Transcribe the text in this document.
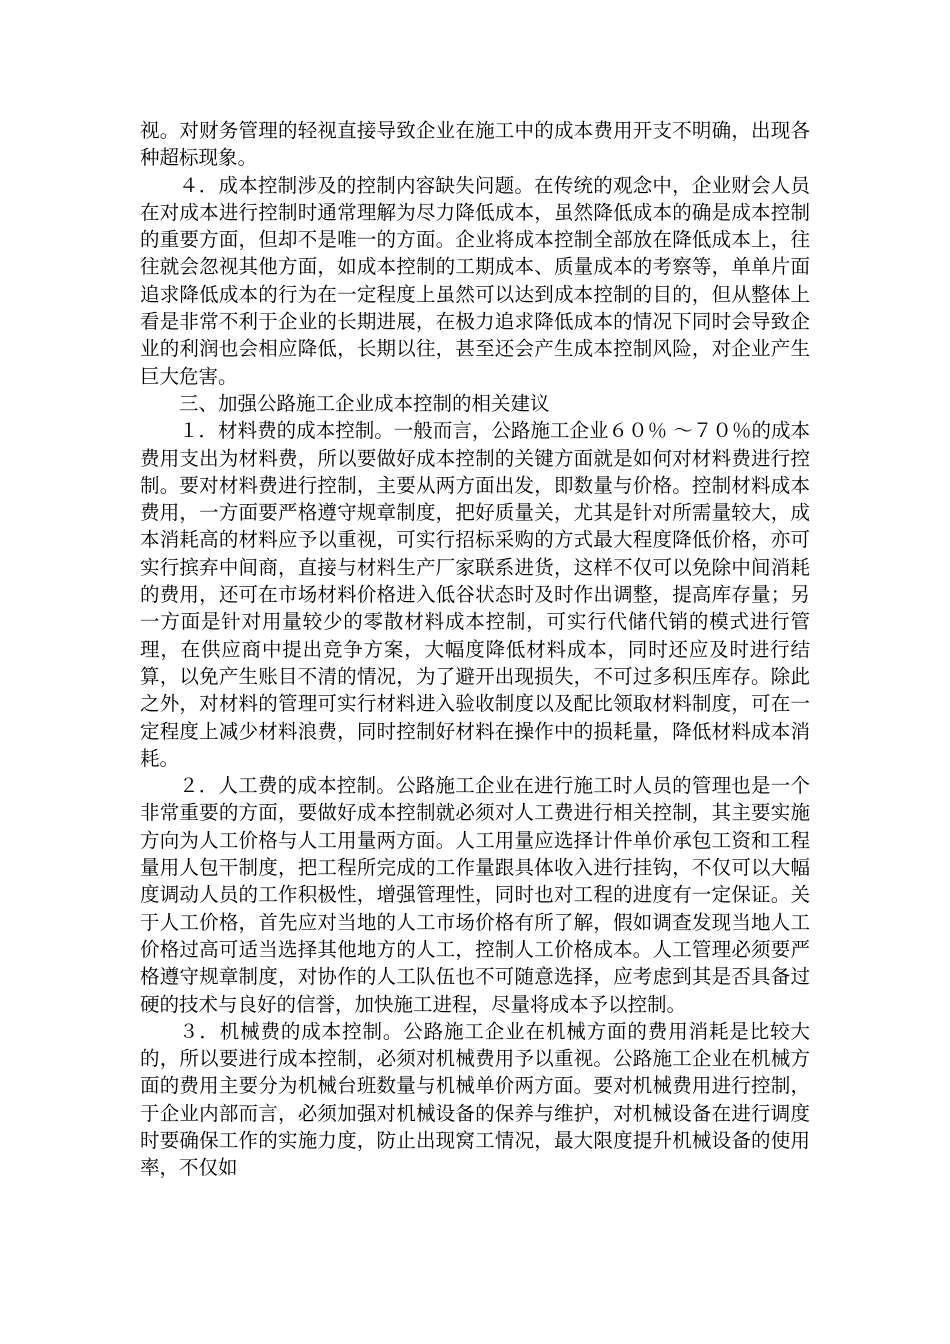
视。对财务管理的轻视直接导致企业在施工中的成本费用开支不明确，出现各种超标现象。

４．成本控制涉及的控制内容缺失问题。在传统的观念中，企业财会人员在对成本进行控制时通常理解为尽力降低成本，虽然降低成本的确是成本控制的重要方面，但却不是唯一的方面。企业将成本控制全部放在降低成本上，往往就会忽视其他方面，如成本控制的工期成本、质量成本的考察等，单单片面追求降低成本的行为在一定程度上虽然可以达到成本控制的目的，但从整体上看是非常不利于企业的长期进展，在极力追求降低成本的情况下同时会导致企业的利润也会相应降低，长期以往，甚至还会产生成本控制风险，对企业产生巨大危害。

三、加强公路施工企业成本控制的相关建议

１．材料费的成本控制。一般而言，公路施工企业６０％ ～７０％的成本费用支出为材料费，所以要做好成本控制的关键方面就是如何对材料费进行控制。要对材料费进行控制，主要从两方面出发，即数量与价格。控制材料成本费用，一方面要严格遵守规章制度，把好质量关，尤其是针对所需量较大，成本消耗高的材料应予以重视，可实行招标采购的方式最大程度降低价格，亦可实行摈弃中间商，直接与材料生产厂家联系进货，这样不仅可以免除中间消耗的费用，还可在市场材料价格进入低谷状态时及时作出调整，提高库存量；另一方面是针对用量较少的零散材料成本控制，可实行代储代销的模式进行管理，在供应商中提出竞争方案，大幅度降低材料成本，同时还应及时进行结算，以免产生账目不清的情况，为了避开出现损失，不可过多积压库存。除此之外，对材料的管理可实行材料进入验收制度以及配比领取材料制度，可在一定程度上减少材料浪费，同时控制好材料在操作中的损耗量，降低材料成本消耗。

２．人工费的成本控制。公路施工企业在进行施工时人员的管理也是一个非常重要的方面，要做好成本控制就必须对人工费进行相关控制，其主要实施方向为人工价格与人工用量两方面。人工用量应选择计件单价承包工资和工程量用人包干制度，把工程所完成的工作量跟具体收入进行挂钩，不仅可以大幅度调动人员的工作积极性，增强管理性，同时也对工程的进度有一定保证。关于人工价格，首先应对当地的人工市场价格有所了解，假如调查发现当地人工价格过高可适当选择其他地方的人工，控制人工价格成本。人工管理必须要严格遵守规章制度，对协作的人工队伍也不可随意选择，应考虑到其是否具备过硬的技术与良好的信誉，加快施工进程，尽量将成本予以控制。

３．机械费的成本控制。公路施工企业在机械方面的费用消耗是比较大的，所以要进行成本控制，必须对机械费用予以重视。公路施工企业在机械方面的费用主要分为机械台班数量与机械单价两方面。要对机械费用进行控制，于企业内部而言，必须加强对机械设备的保养与维护，对机械设备在进行调度时要确保工作的实施力度，防止出现窝工情况，最大限度提升机械设备的使用率，不仅如
